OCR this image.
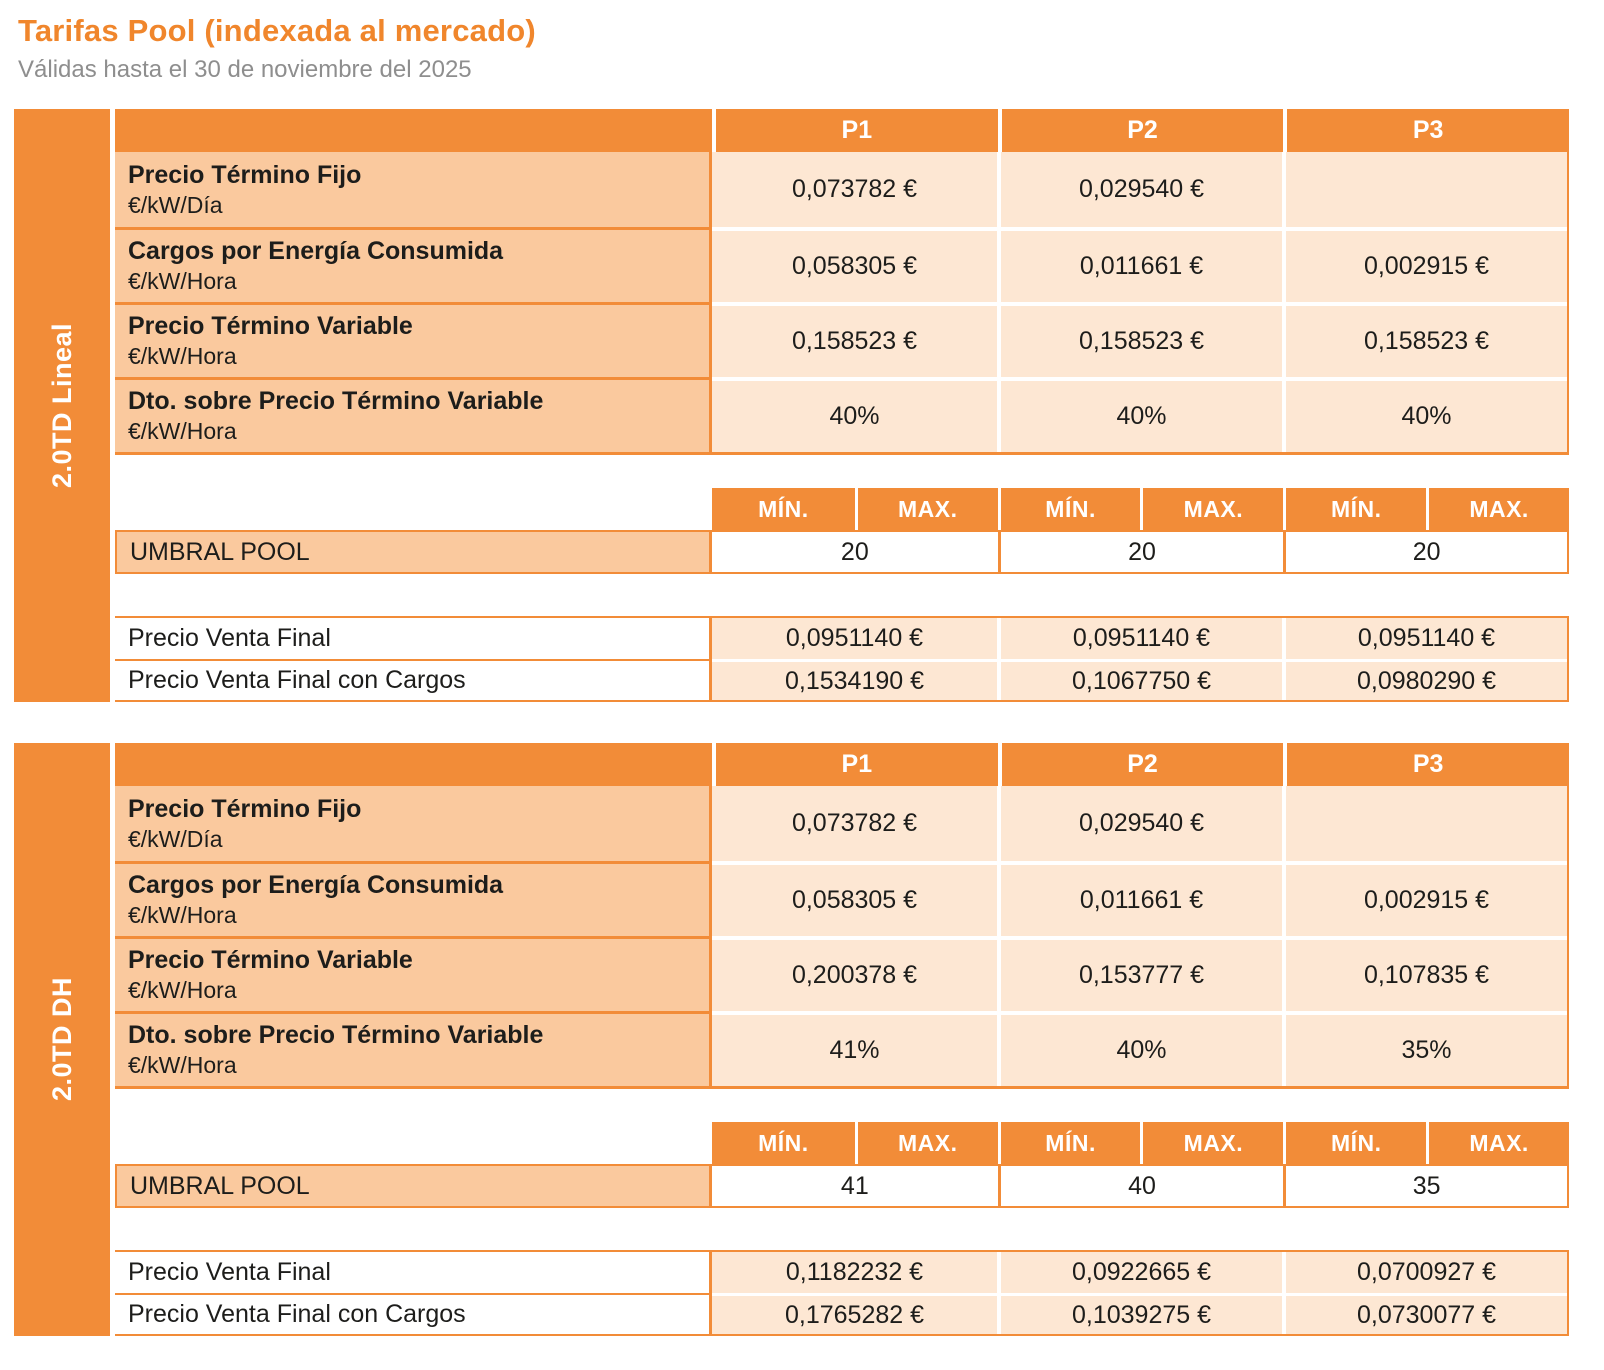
Tarifas Pool (indexada al mercado)
Válidas hasta el 30 de noviembre del 2025
2.0TD Lineal
P1	P2	P3
Precio Término Fijo
€/kW/Día
0,073782 €	0,029540 €
Cargos por Energía Consumida
€/kW/Hora
0,058305 €	0,011661 €	0,002915 €
Precio Término Variable
€/kW/Hora
0,158523 €	0,158523 €	0,158523 €
Dto. sobre Precio Término Variable
€/kW/Hora
40%	40%	40%
MÍN.	MAX.	MÍN.	MAX.	MÍN.	MAX.
UMBRAL POOL	20	20	20
Precio Venta Final	0,0951140 €	0,0951140 €	0,0951140 €
Precio Venta Final con Cargos	0,1534190 €	0,1067750 €	0,0980290 €
2.0TD DH
P1	P2	P3
Precio Término Fijo
€/kW/Día
0,073782 €	0,029540 €
Cargos por Energía Consumida
€/kW/Hora
0,058305 €	0,011661 €	0,002915 €
Precio Término Variable
€/kW/Hora
0,200378 €	0,153777 €	0,107835 €
Dto. sobre Precio Término Variable
€/kW/Hora
41%	40%	35%
MÍN.	MAX.	MÍN.	MAX.	MÍN.	MAX.
UMBRAL POOL	41	40	35
Precio Venta Final	0,1182232 €	0,0922665 €	0,0700927 €
Precio Venta Final con Cargos	0,1765282 €	0,1039275 €	0,0730077 €
